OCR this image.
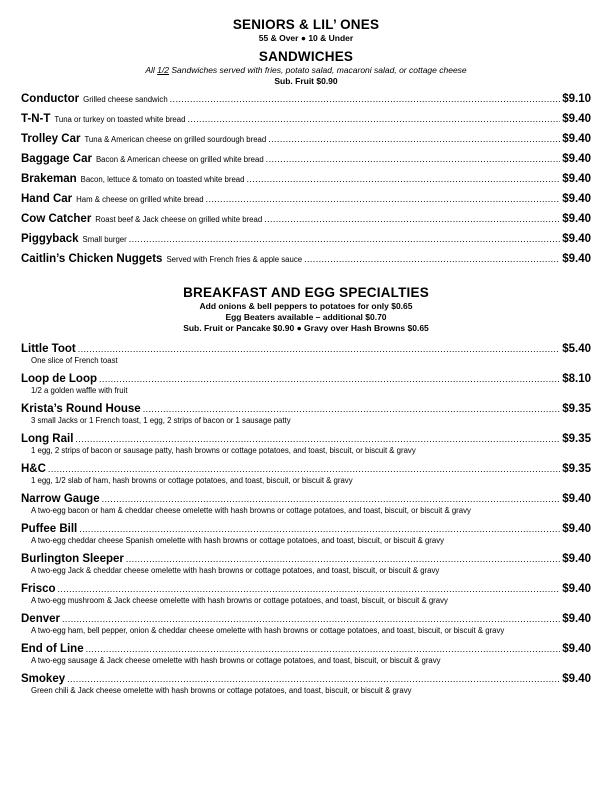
SENIORS & LIL’ ONES
55 & Over ● 10 & Under
SANDWICHES
All 1/2 Sandwiches served with fries, potato salad, macaroni salad, or cottage cheese
Sub. Fruit $0.90
Conductor Grilled cheese sandwich .....	$9.10
T-N-T Tuna or turkey on toasted white bread .....	$9.40
Trolley Car Tuna & American cheese on grilled sourdough bread .....	$9.40
Baggage Car Bacon & American cheese on grilled white bread .....	$9.40
Brakeman Bacon, lettuce & tomato on toasted white bread .....	$9.40
Hand Car Ham & cheese on grilled white bread .....	$9.40
Cow Catcher Roast beef & Jack cheese on grilled white bread .....	$9.40
Piggyback Small burger .....	$9.40
Caitlin’s Chicken Nuggets Served with French fries & apple sauce .....	$9.40
BREAKFAST AND EGG SPECIALTIES
Add onions & bell peppers to potatoes for only $0.65
Egg Beaters available – additional $0.70
Sub. Fruit or Pancake $0.90 ● Gravy over Hash Browns $0.65
Little Toot .....	$5.40
One slice of French toast
Loop de Loop .....	$8.10
1/2 a golden waffle with fruit
Krista’s Round House .....	$9.35
3 small Jacks or 1 French toast, 1 egg, 2 strips of bacon or 1 sausage patty
Long Rail .....	$9.35
1 egg, 2 strips of bacon or sausage patty, hash browns or cottage potatoes, and toast, biscuit, or biscuit & gravy
H&C .....	$9.35
1 egg, 1/2 slab of ham, hash browns or cottage potatoes, and toast, biscuit, or biscuit & gravy
Narrow Gauge .....	$9.40
A two-egg bacon or ham & cheddar cheese omelette with hash browns or cottage potatoes, and toast, biscuit, or biscuit & gravy
Puffee Bill .....	$9.40
A two-egg cheddar cheese Spanish omelette with hash browns or cottage potatoes, and toast, biscuit, or biscuit & gravy
Burlington Sleeper .....	$9.40
A two-egg Jack & cheddar cheese omelette with hash browns or cottage potatoes, and toast, biscuit, or biscuit & gravy
Frisco .....	$9.40
A two-egg mushroom & Jack cheese omelette with hash browns or cottage potatoes, and toast, biscuit, or biscuit & gravy
Denver .....	$9.40
A two-egg ham, bell pepper, onion & cheddar cheese omelette with hash browns or cottage potatoes, and toast, biscuit, or biscuit & gravy
End of Line .....	$9.40
A two-egg sausage & Jack cheese omelette with hash browns or cottage potatoes, and toast, biscuit, or biscuit & gravy
Smokey .....	$9.40
Green chili & Jack cheese omelette with hash browns or cottage potatoes, and toast, biscuit, or biscuit & gravy
